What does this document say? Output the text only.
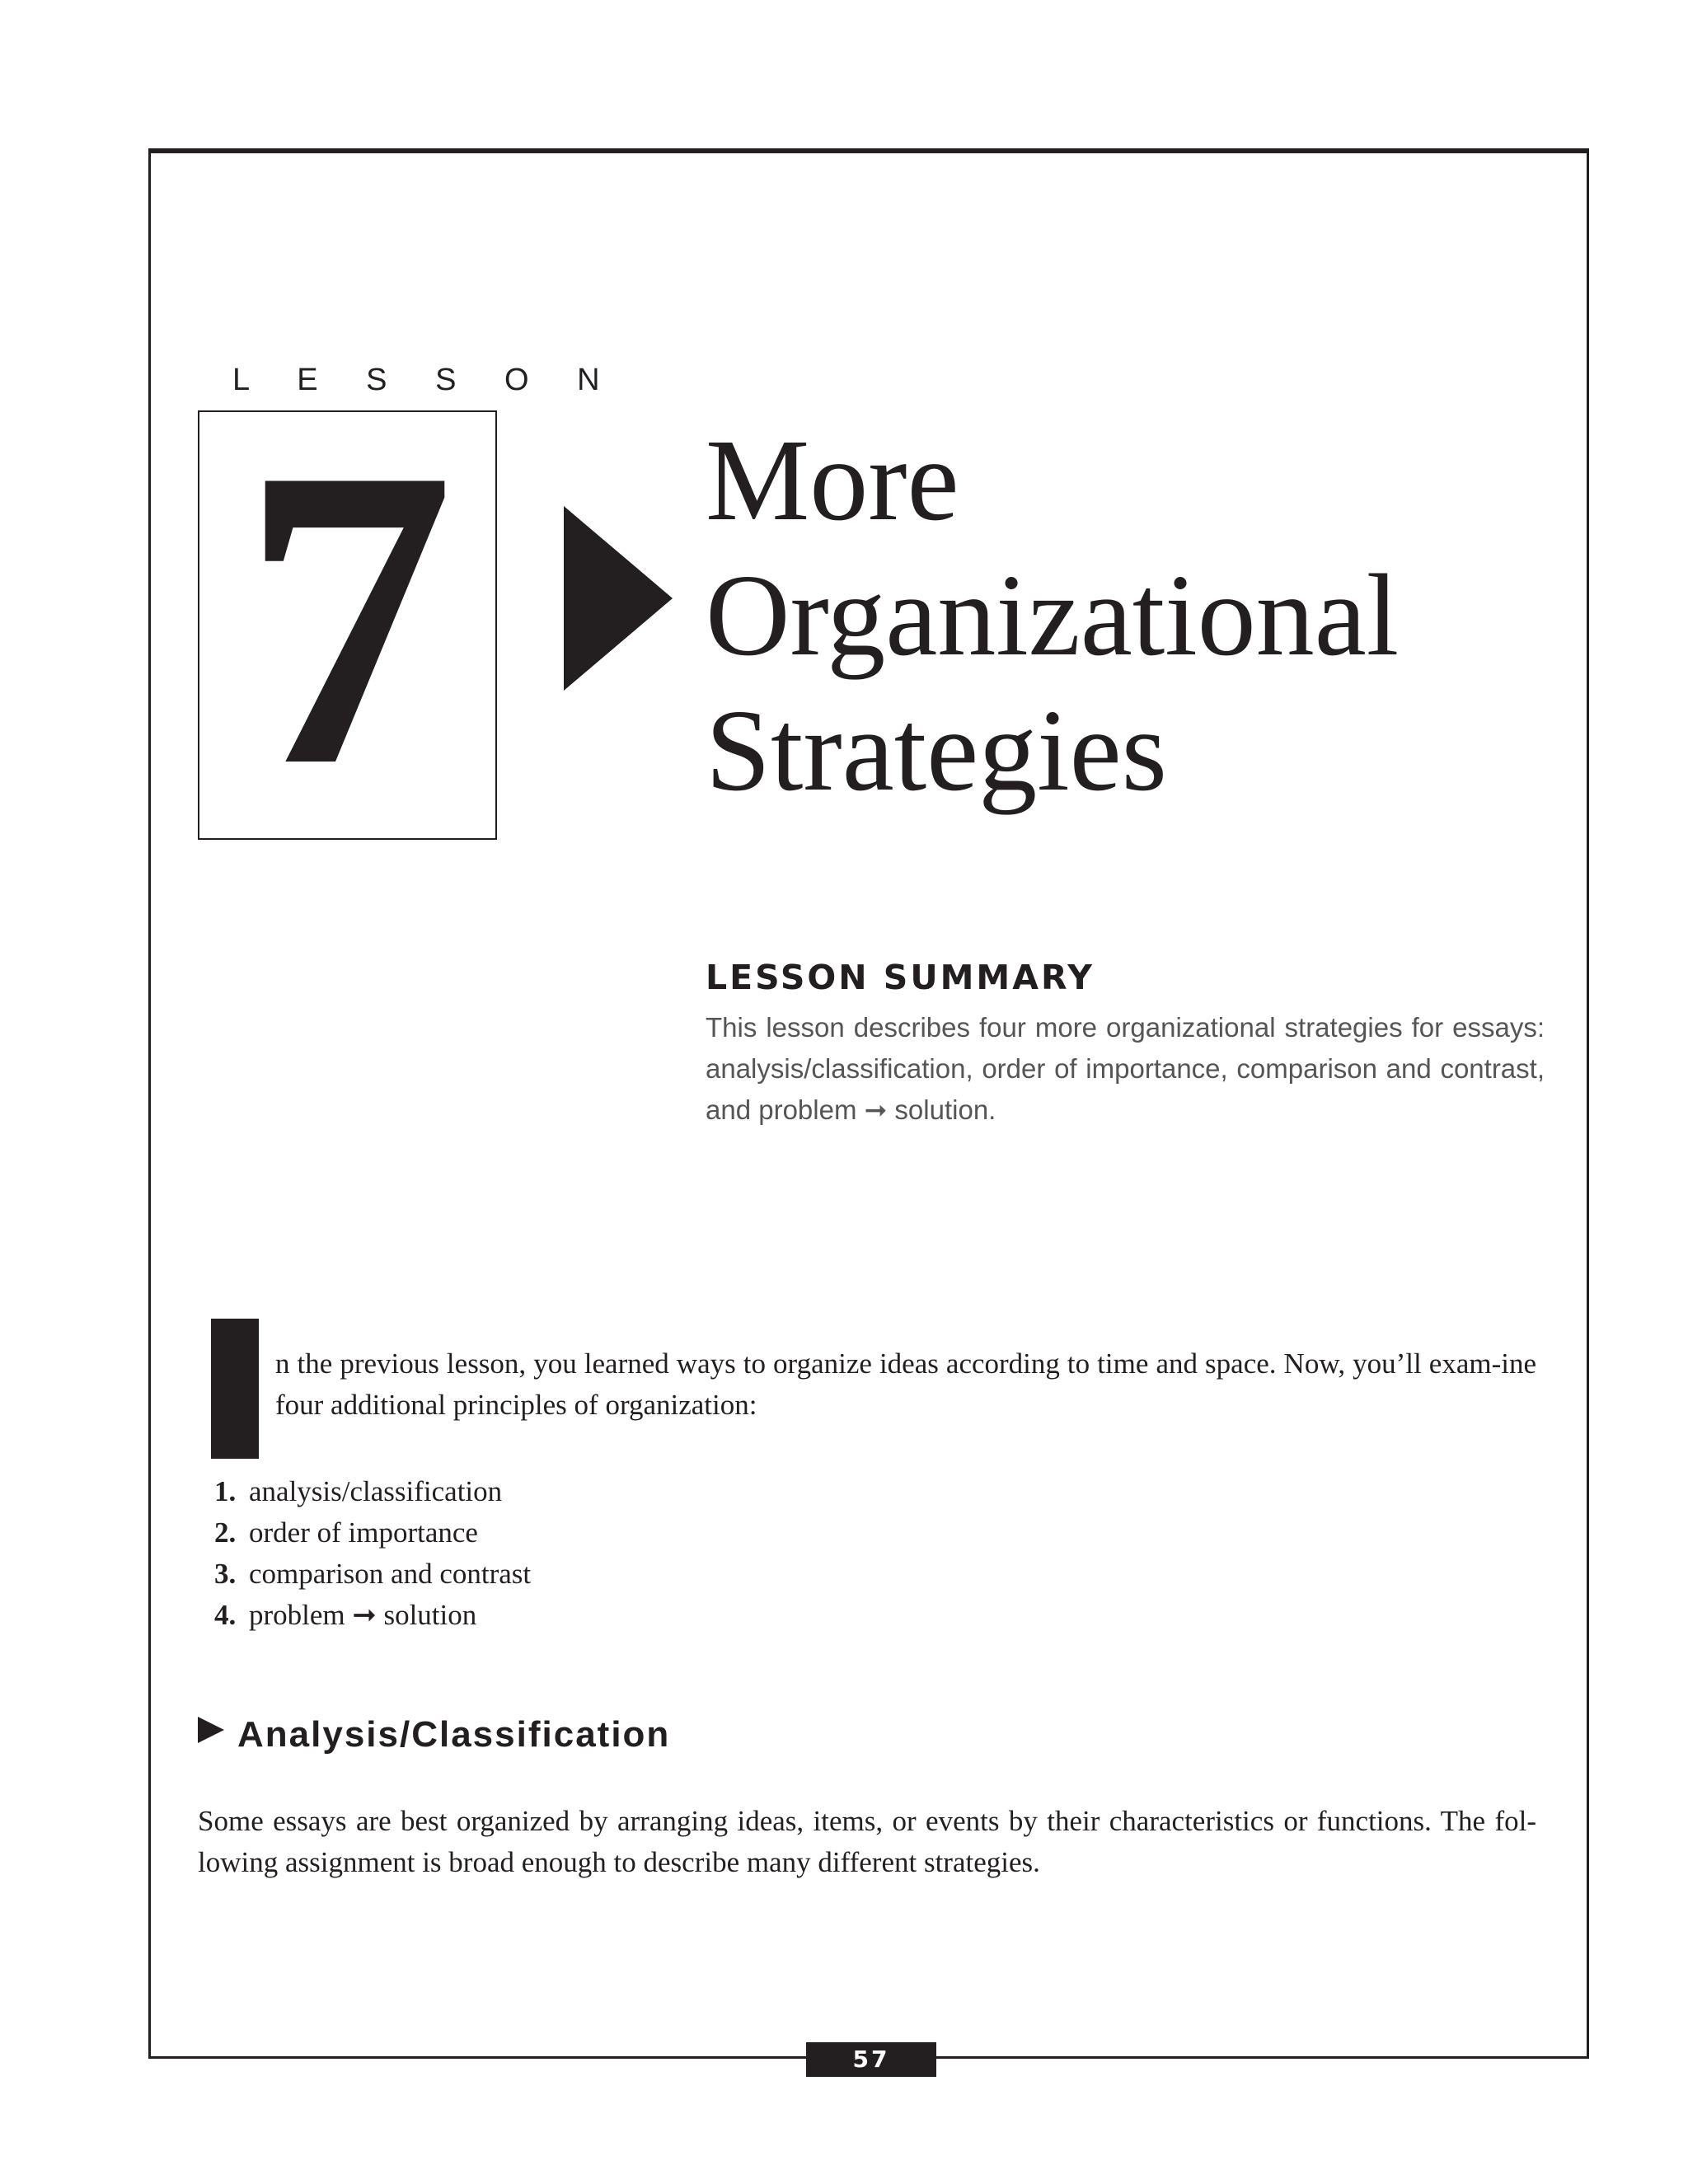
L E S S O N
7 More
Organizational
Strategies
LESSON SUMMARY
This lesson describes four more organizational strategies for essays: analysis/classification, order of importance, comparison and contrast, and problem ➞ solution.
n the previous lesson, you learned ways to organize ideas according to time and space. Now, you’ll exam-ine four additional principles of organization:
1. analysis/classification
2. order of importance
3. comparison and contrast
4. problem ➞ solution
Analysis/Classification
Some essays are best organized by arranging ideas, items, or events by their characteristics or functions. The fol-lowing assignment is broad enough to describe many different strategies.
57
